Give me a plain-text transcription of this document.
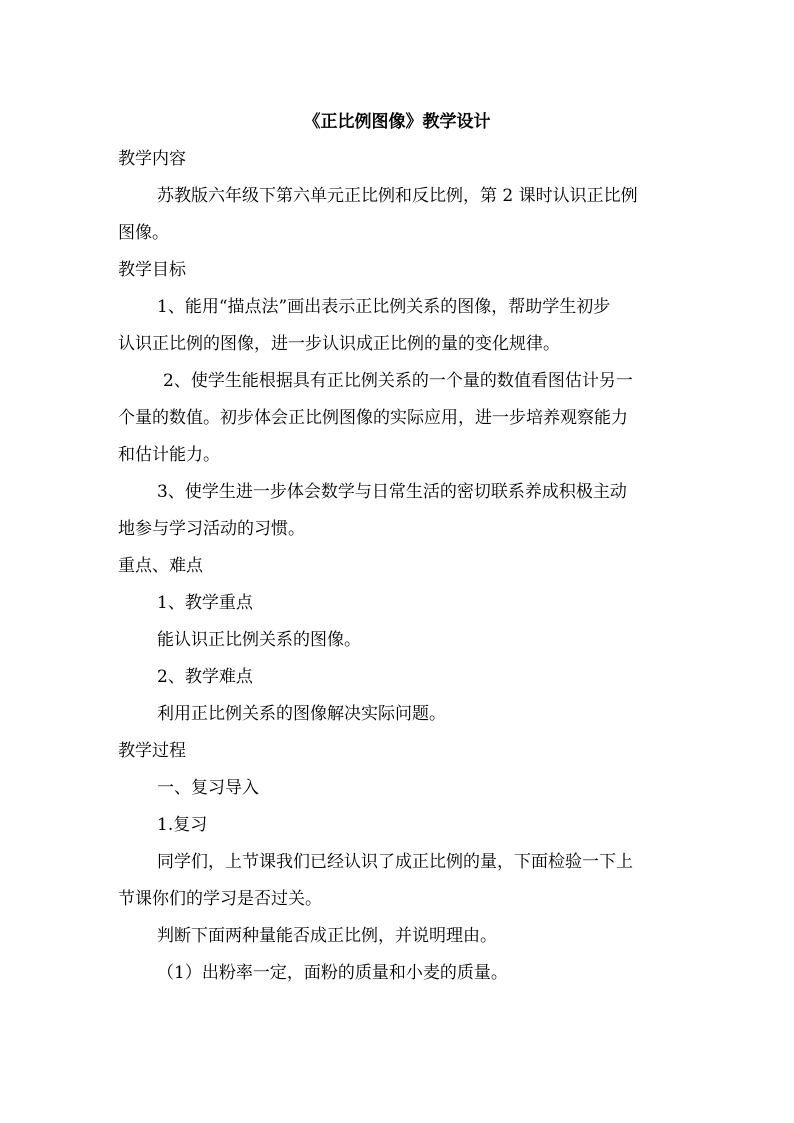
《正比例图像》教学设计
教学内容
苏教版六年级下第六单元正比例和反比例，第 2 课时认识正比例
图像。
教学目标
1、能用“描点法”画出表示正比例关系的图像，帮助学生初步
认识正比例的图像，进一步认识成正比例的量的变化规律。
2、使学生能根据具有正比例关系的一个量的数值看图估计另一
个量的数值。初步体会正比例图像的实际应用，进一步培养观察能力
和估计能力。
3、使学生进一步体会数学与日常生活的密切联系养成积极主动
地参与学习活动的习惯。
重点、难点
1、教学重点
能认识正比例关系的图像。
2、教学难点
利用正比例关系的图像解决实际问题。
教学过程
一、复习导入
1.复习
同学们，上节课我们已经认识了成正比例的量，下面检验一下上
节课你们的学习是否过关。
判断下面两种量能否成正比例，并说明理由。
（1）出粉率一定，面粉的质量和小麦的质量。
